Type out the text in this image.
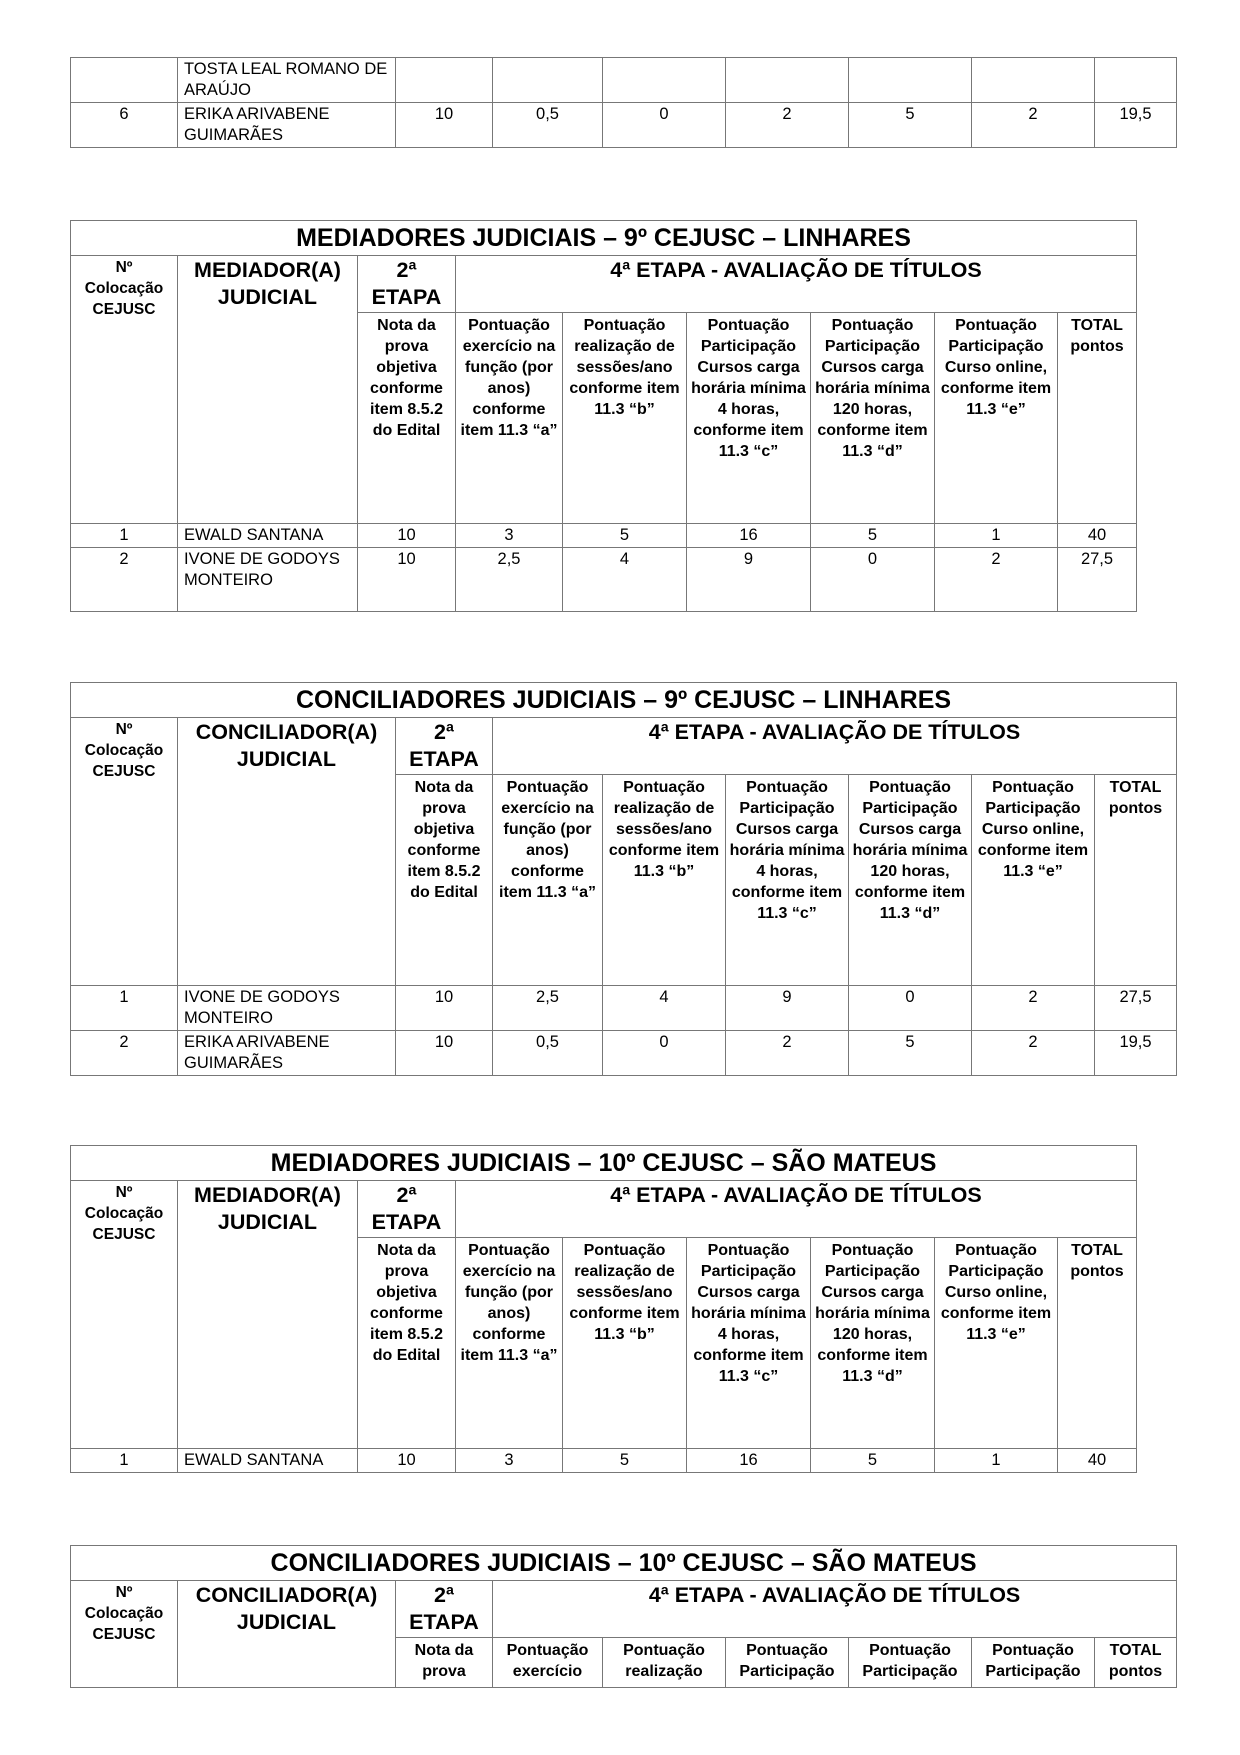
	TOSTA LEAL ROMANO DE ARAÚJO							
6	ERIKA ARIVABENE GUIMARÃES	10	0,5	0	2	5	2	19,5
MEDIADORES JUDICIAIS – 9º CEJUSC – LINHARES								
Nº Colocação CEJUSC	MEDIADOR(A) JUDICIAL	2ª ETAPA	4ª ETAPA - AVALIAÇÃO DE TÍTULOS					
		Nota da prova objetiva conforme item 8.5.2 do Edital	Pontuação exercício na função (por anos) conforme item 11.3 “a”	Pontuação realização de sessões/ano conforme item 11.3 “b”	Pontuação Participação Cursos carga horária mínima 4 horas, conforme item 11.3 “c”	Pontuação Participação Cursos carga horária mínima 120 horas, conforme item 11.3 “d”	Pontuação Participação Curso online, conforme item 11.3 “e”	TOTAL pontos
1	EWALD SANTANA	10	3	5	16	5	1	40
2	IVONE DE GODOYS MONTEIRO	10	2,5	4	9	0	2	27,5
CONCILIADORES JUDICIAIS – 9º CEJUSC – LINHARES								
Nº Colocação CEJUSC	CONCILIADOR(A) JUDICIAL	2ª ETAPA	4ª ETAPA - AVALIAÇÃO DE TÍTULOS					
		Nota da prova objetiva conforme item 8.5.2 do Edital	Pontuação exercício na função (por anos) conforme item 11.3 “a”	Pontuação realização de sessões/ano conforme item 11.3 “b”	Pontuação Participação Cursos carga horária mínima 4 horas, conforme item 11.3 “c”	Pontuação Participação Cursos carga horária mínima 120 horas, conforme item 11.3 “d”	Pontuação Participação Curso online, conforme item 11.3 “e”	TOTAL pontos
1	IVONE DE GODOYS MONTEIRO	10	2,5	4	9	0	2	27,5
2	ERIKA ARIVABENE GUIMARÃES	10	0,5	0	2	5	2	19,5
MEDIADORES JUDICIAIS – 10º CEJUSC – SÃO MATEUS								
Nº Colocação CEJUSC	MEDIADOR(A) JUDICIAL	2ª ETAPA	4ª ETAPA - AVALIAÇÃO DE TÍTULOS					
		Nota da prova objetiva conforme item 8.5.2 do Edital	Pontuação exercício na função (por anos) conforme item 11.3 “a”	Pontuação realização de sessões/ano conforme item 11.3 “b”	Pontuação Participação Cursos carga horária mínima 4 horas, conforme item 11.3 “c”	Pontuação Participação Cursos carga horária mínima 120 horas, conforme item 11.3 “d”	Pontuação Participação Curso online, conforme item 11.3 “e”	TOTAL pontos
1	EWALD SANTANA	10	3	5	16	5	1	40
CONCILIADORES JUDICIAIS – 10º CEJUSC – SÃO MATEUS								
Nº Colocação CEJUSC	CONCILIADOR(A) JUDICIAL	2ª ETAPA	4ª ETAPA - AVALIAÇÃO DE TÍTULOS					
		Nota da prova	Pontuação exercício	Pontuação realização	Pontuação Participação	Pontuação Participação	Pontuação Participação	TOTAL pontos
